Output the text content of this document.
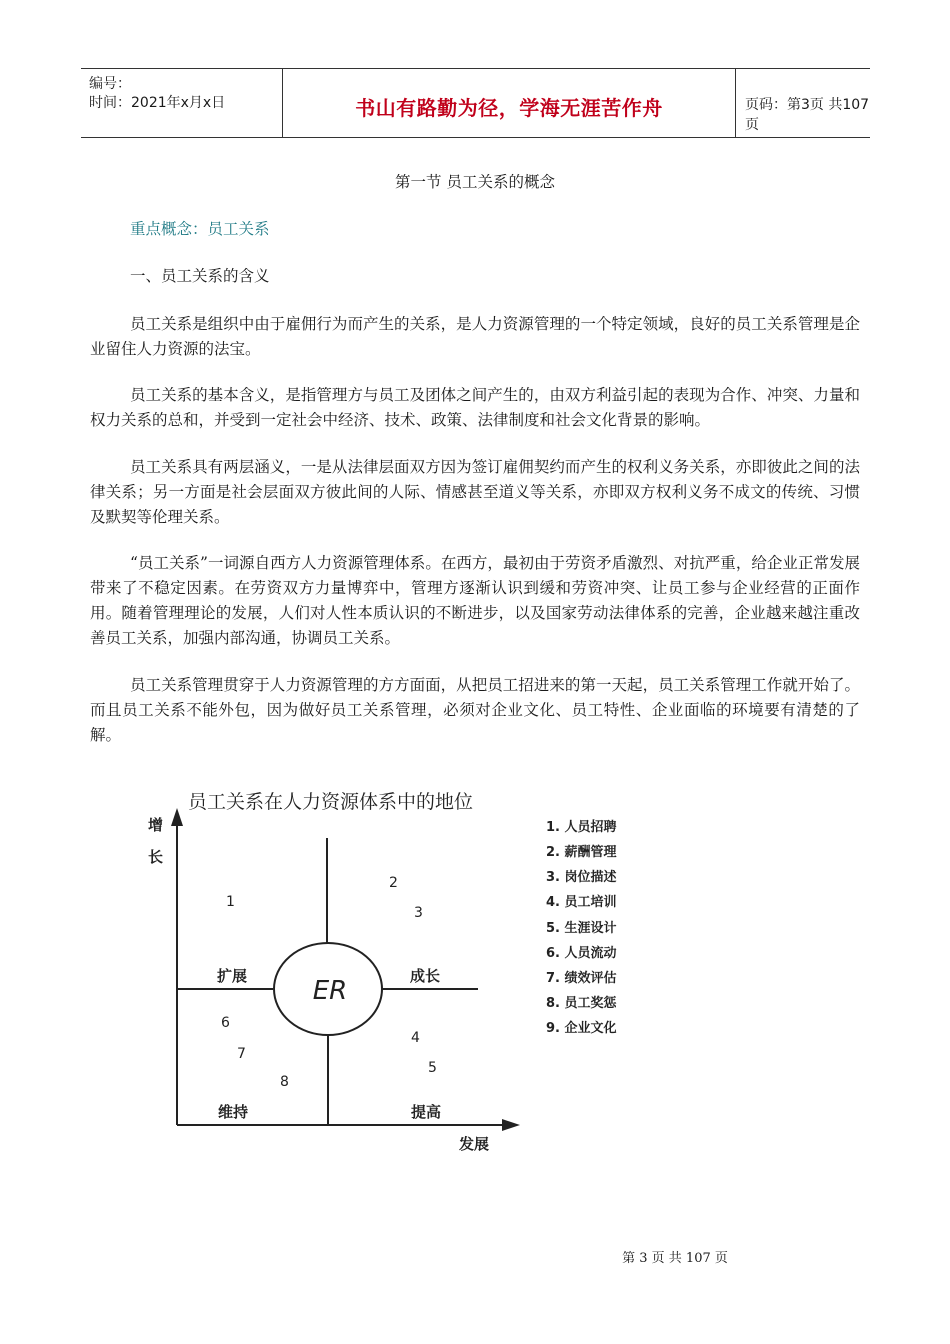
编号：
时间：2021年x月x日	书山有路勤为径，学海无涯苦作舟	页码：第3页 共107页
第一节 员工关系的概念
重点概念：员工关系
一、员工关系的含义

员工关系是组织中由于雇佣行为而产生的关系，是人力资源管理的一个特定领域，良好的员工关系管理是企业留住人力资源的法宝。

员工关系的基本含义，是指管理方与员工及团体之间产生的，由双方利益引起的表现为合作、冲突、力量和权力关系的总和，并受到一定社会中经济、技术、政策、法律制度和社会文化背景的影响。

员工关系具有两层涵义，一是从法律层面双方因为签订雇佣契约而产生的权利义务关系，亦即彼此之间的法律关系；另一方面是社会层面双方彼此间的人际、情感甚至道义等关系，亦即双方权利义务不成文的传统、习惯及默契等伦理关系。

“员工关系”一词源自西方人力资源管理体系。在西方，最初由于劳资矛盾激烈、对抗严重，给企业正常发展带来了不稳定因素。在劳资双方力量博弈中，管理方逐渐认识到缓和劳资冲突、让员工参与企业经营的正面作用。随着管理理论的发展，人们对人性本质认识的不断进步，以及国家劳动法律体系的完善，企业越来越注重改善员工关系，加强内部沟通，协调员工关系。

员工关系管理贯穿于人力资源管理的方方面面，从把员工招进来的第一天起，员工关系管理工作就开始了。而且员工关系不能外包，因为做好员工关系管理，必须对企业文化、员工特性、企业面临的环境要有清楚的了解。

员工关系在人力资源体系中的地位
增
长
发展
ER
扩展	成长
维持	提高
1
2
3
4
5
6
7
8
1. 人员招聘
2. 薪酬管理
3. 岗位描述
4. 员工培训
5. 生涯设计
6. 人员流动
7. 绩效评估
8. 员工奖惩
9. 企业文化
第 3 页 共 107 页
